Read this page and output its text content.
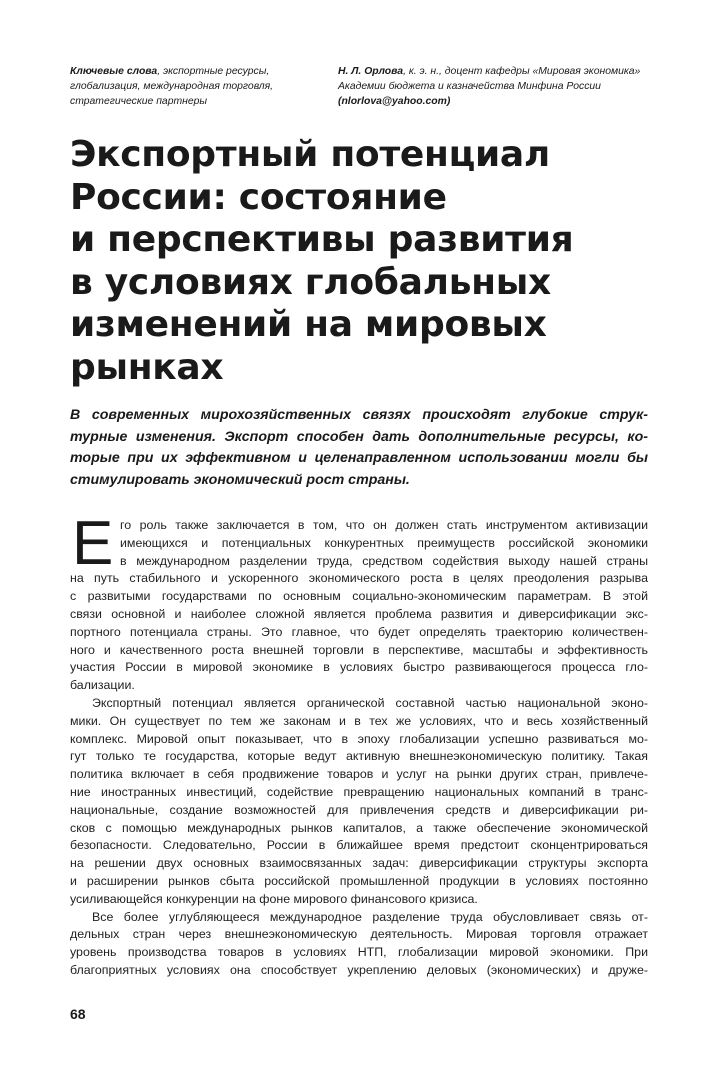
Ключевые слова, экспортные ресурсы,
глобализация, международная торговля,
стратегические партнеры
Н. Л. Орлова, к. э. н., доцент кафедры «Мировая экономика»
Академии бюджета и казначейства Минфина России
(nlorlova@yahoo.com)
Экспортный потенциал
России: состояние
и перспективы развития
в условиях глобальных
изменений на мировых
рынках
В современных мирохозяйственных связях происходят глубокие струк-
турные изменения. Экспорт способен дать дополнительные ресурсы, ко-
торые при их эффективном и целенаправленном использовании могли бы
стимулировать экономический рост страны.
Е го роль также заключается в том, что он должен стать инструментом активизации
имеющихся и потенциальных конкурентных преимуществ российской экономики
в международном разделении труда, средством содействия выходу нашей страны
на путь стабильного и ускоренного экономического роста в целях преодоления разрыва
с развитыми государствами по основным социально-экономическим параметрам. В этой
связи основной и наиболее сложной является проблема развития и диверсификации экс-
портного потенциала страны. Это главное, что будет определять траекторию количествен-
ного и качественного роста внешней торговли в перспективе, масштабы и эффективность
участия России в мировой экономике в условиях быстро развивающегося процесса гло-
бализации.
Экспортный потенциал является органической составной частью национальной эконо-
мики. Он существует по тем же законам и в тех же условиях, что и весь хозяйственный
комплекс. Мировой опыт показывает, что в эпоху глобализации успешно развиваться мо-
гут только те государства, которые ведут активную внешнеэкономическую политику. Такая
политика включает в себя продвижение товаров и услуг на рынки других стран, привлече-
ние иностранных инвестиций, содействие превращению национальных компаний в транс-
национальные, создание возможностей для привлечения средств и диверсификации ри-
сков с помощью международных рынков капиталов, а также обеспечение экономической
безопасности. Следовательно, России в ближайшее время предстоит сконцентрироваться
на решении двух основных взаимосвязанных задач: диверсификации структуры экспорта
и расширении рынков сбыта российской промышленной продукции в условиях постоянно
усиливающейся конкуренции на фоне мирового финансового кризиса.
Все более углубляющееся международное разделение труда обусловливает связь от-
дельных стран через внешнеэкономическую деятельность. Мировая торговля отражает
уровень производства товаров в условиях НТП, глобализации мировой экономики. При
благоприятных условиях она способствует укреплению деловых (экономических) и друже-
68
